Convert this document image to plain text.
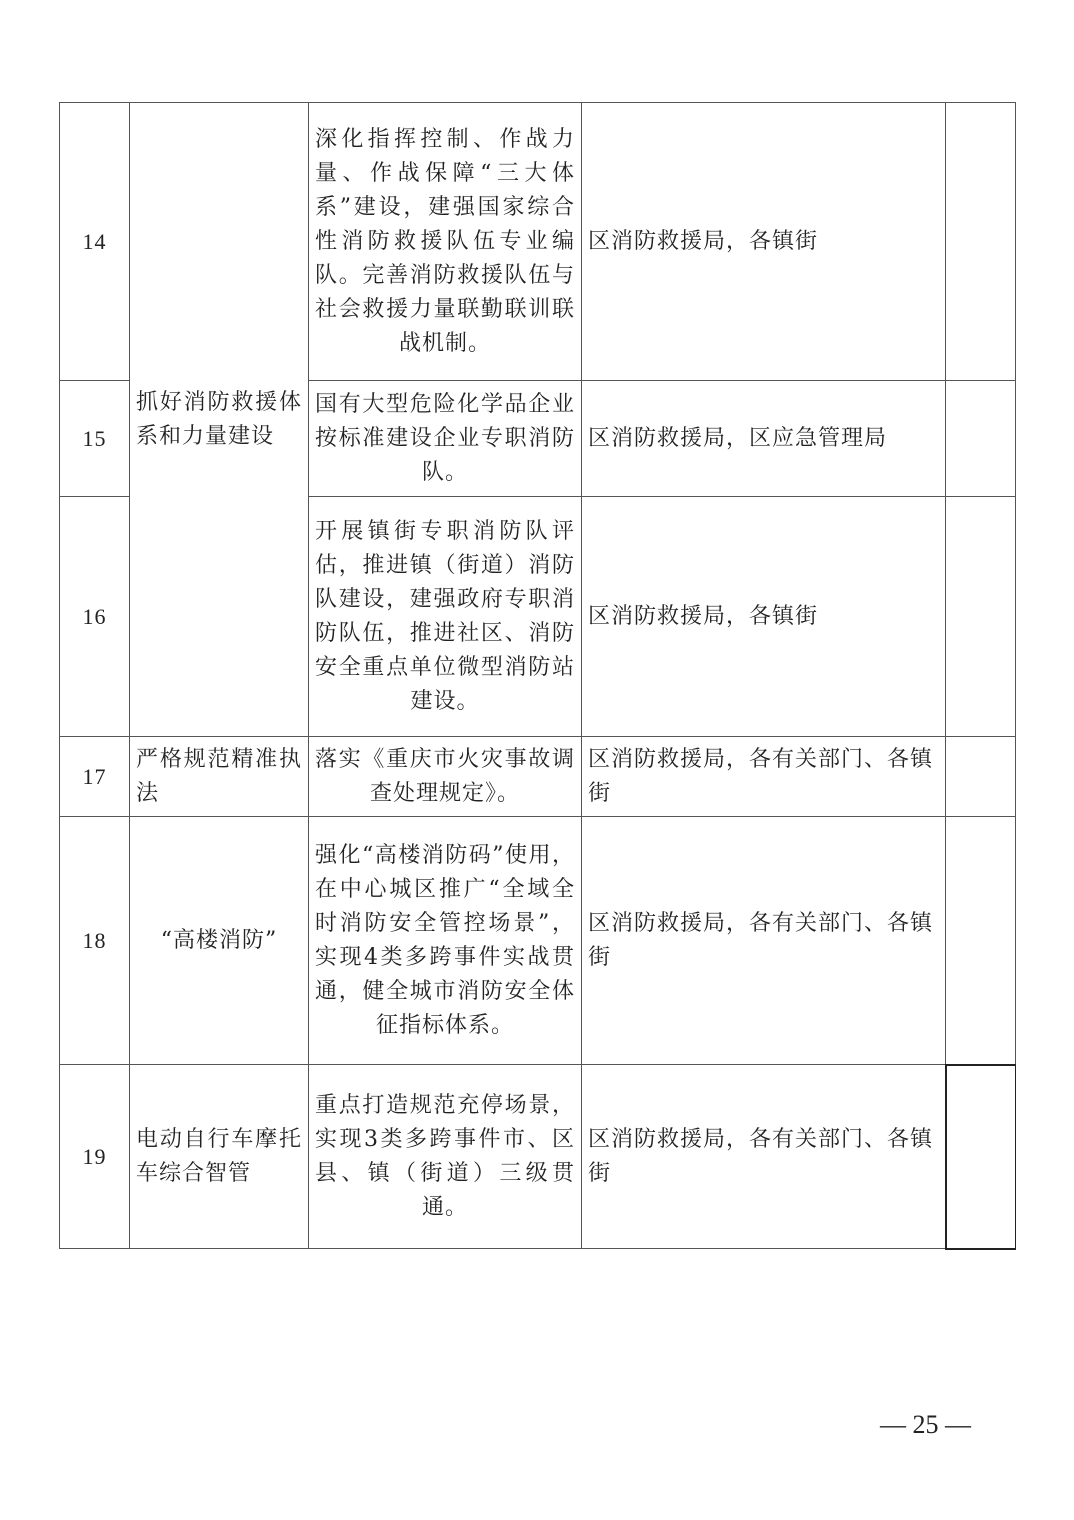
14	抓好消防救援体系和力量建设	深化指挥控制、作战力量、作战保障“三大体系”建设，建强国家综合性消防救援队伍专业编队。完善消防救援队伍与社会救援力量联勤联训联战机制。	区消防救援局，各镇街	
15		国有大型危险化学品企业按标准建设企业专职消防队。	区消防救援局，区应急管理局	
16		开展镇街专职消防队评估，推进镇（街道）消防队建设，建强政府专职消防队伍，推进社区、消防安全重点单位微型消防站建设。	区消防救援局，各镇街	
17	严格规范精准执法	落实《重庆市火灾事故调查处理规定》。	区消防救援局，各有关部门、各镇街	
18	“高楼消防”	强化“高楼消防码”使用，在中心城区推广“全域全时消防安全管控场景”，实现4类多跨事件实战贯通，健全城市消防安全体征指标体系。	区消防救援局，各有关部门、各镇街	
19	电动自行车摩托车综合智管	重点打造规范充停场景，实现3类多跨事件市、区县、镇（街道）三级贯通。	区消防救援局，各有关部门、各镇街	
— 25 —
